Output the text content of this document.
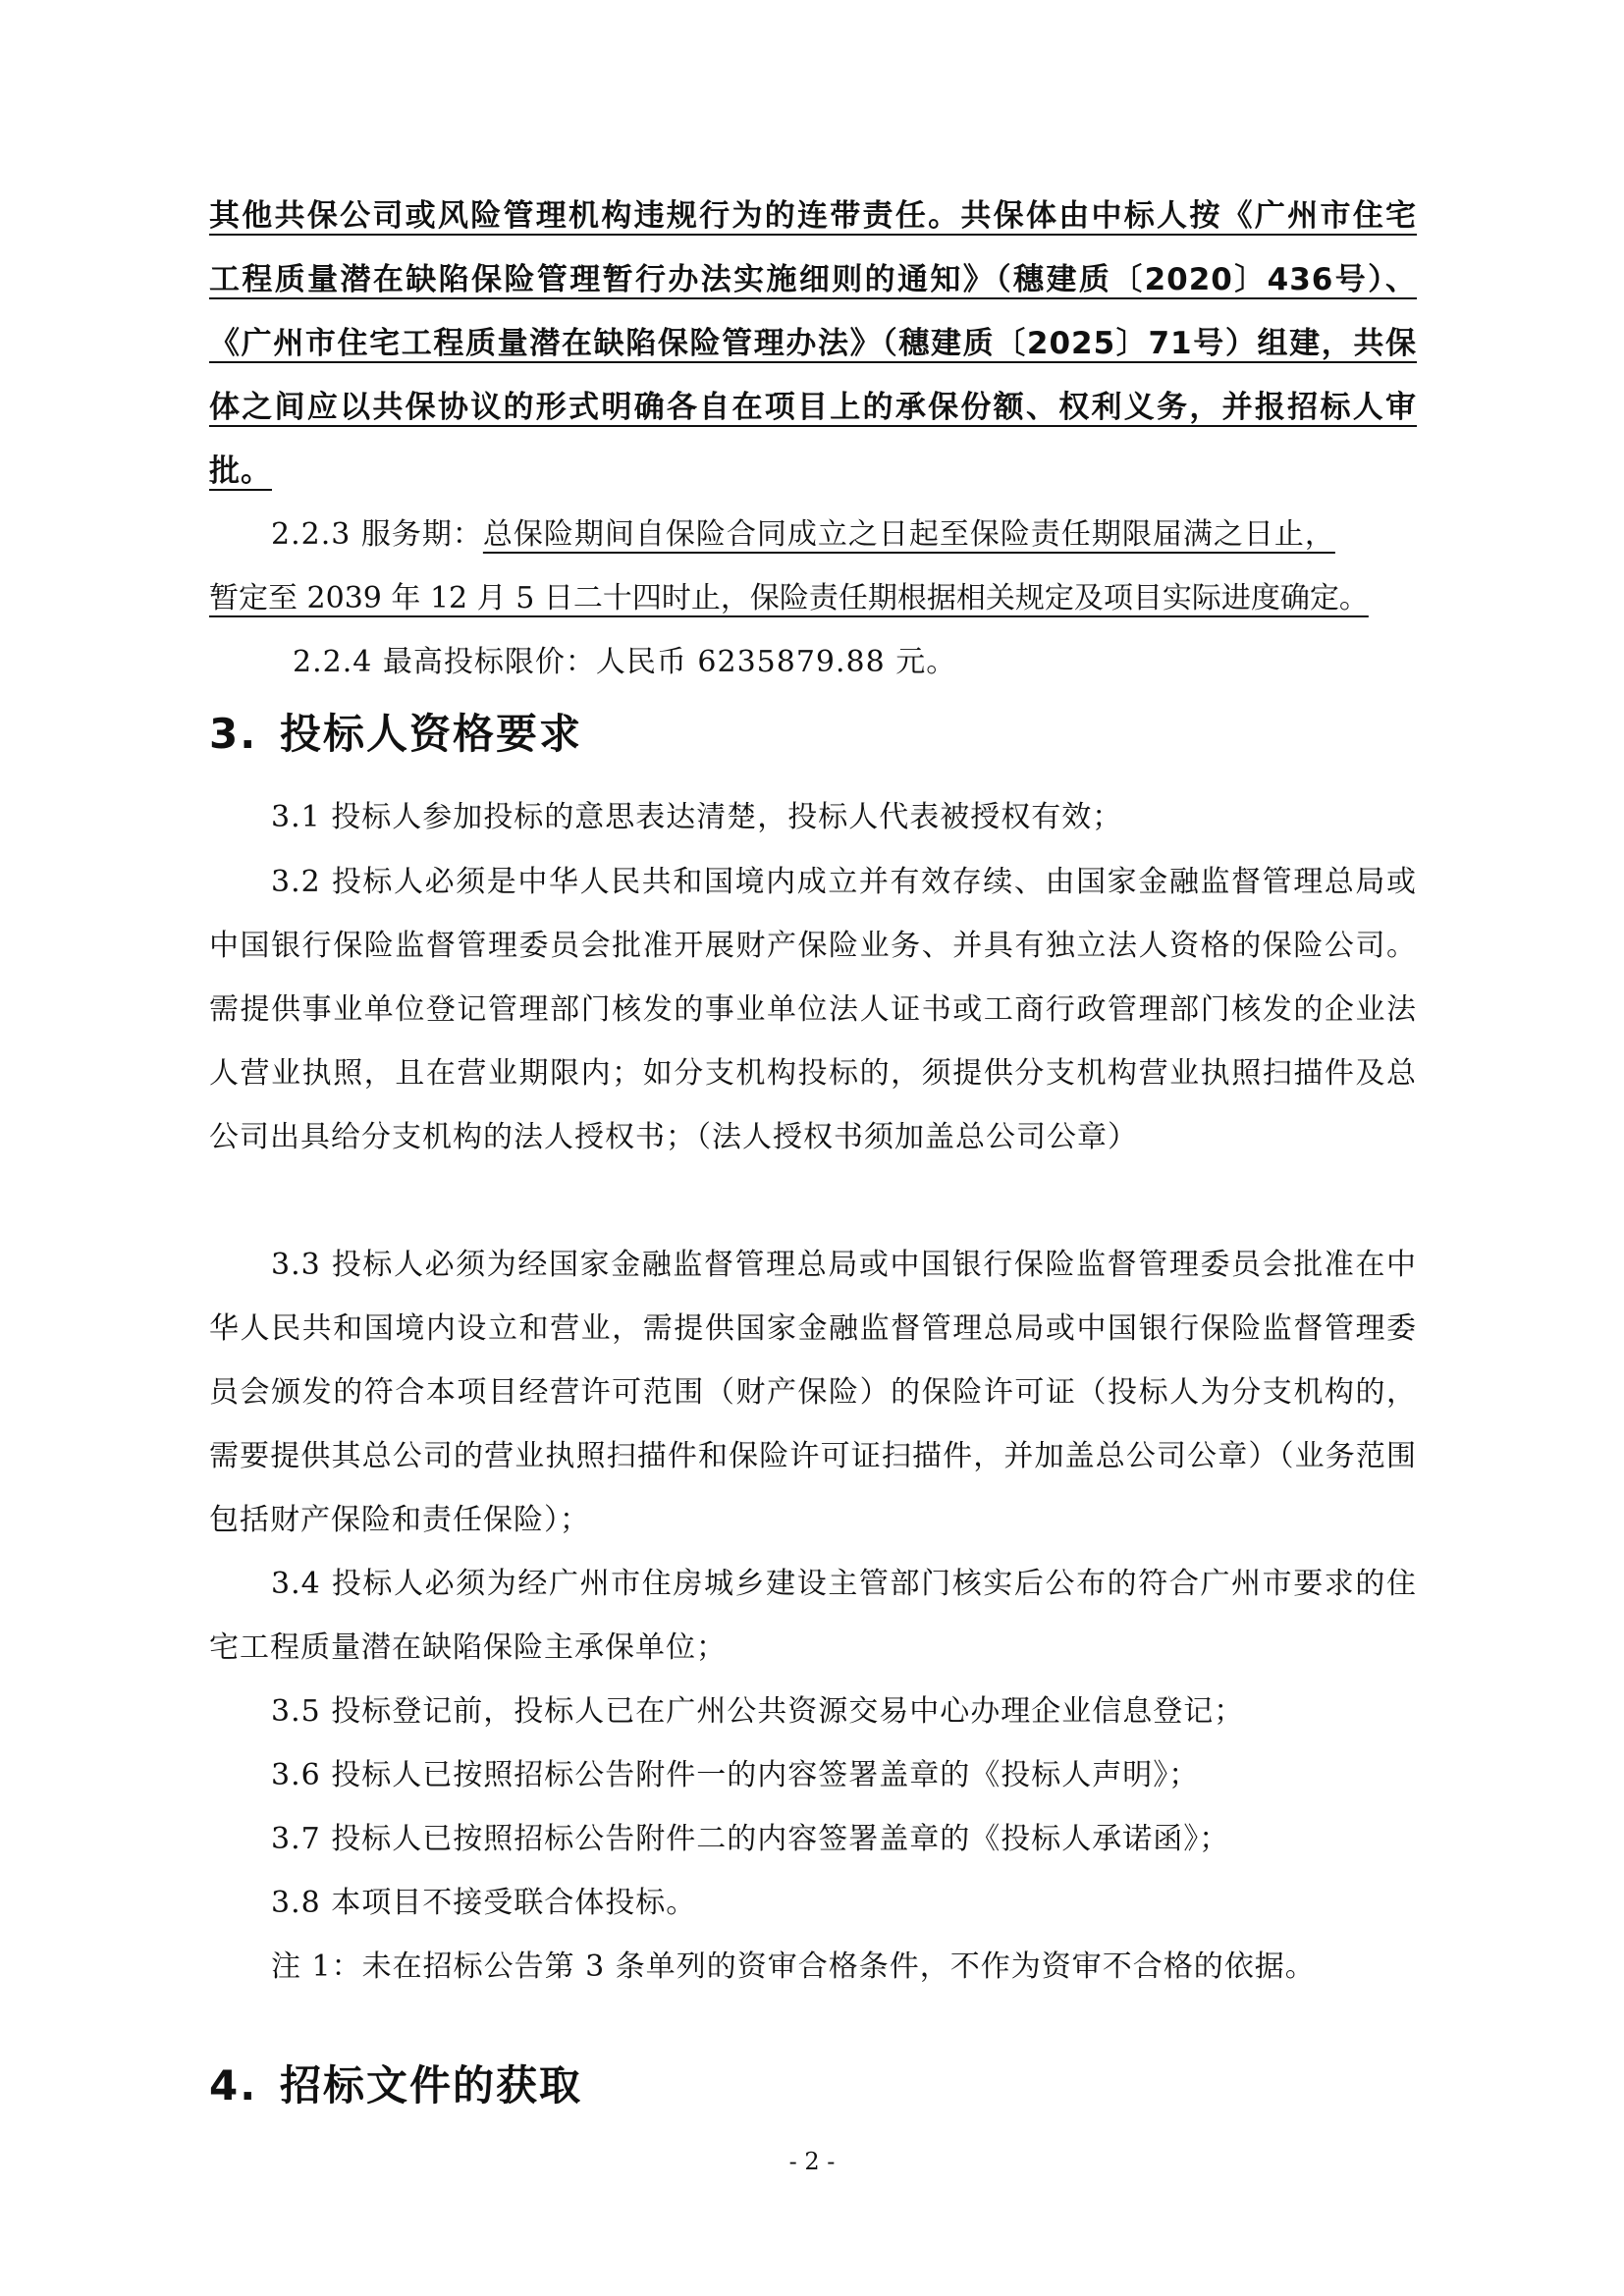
其他共保公司或风险管理机构违规行为的连带责任。共保体由中标人按《广州市住宅
工程质量潜在缺陷保险管理暂行办法实施细则的通知》（穗建质〔2020〕436号）、
《广州市住宅工程质量潜在缺陷保险管理办法》（穗建质〔2025〕71号）组建，共保
体之间应以共保协议的形式明确各自在项目上的承保份额、权利义务，并报招标人审
批。
2.2.3 服务期：总保险期间自保险合同成立之日起至保险责任期限届满之日止，
暂定至 2039 年 12 月 5 日二十四时止，保险责任期根据相关规定及项目实际进度确定。
2.2.4 最高投标限价：人民币 6235879.88 元。
3. 投标人资格要求
3.1 投标人参加投标的意思表达清楚，投标人代表被授权有效；
3.2 投标人必须是中华人民共和国境内成立并有效存续、由国家金融监督管理总局或中国银行保险监督管理委员会批准开展财产保险业务、并具有独立法人资格的保险公司。需提供事业单位登记管理部门核发的事业单位法人证书或工商行政管理部门核发的企业法人营业执照，且在营业期限内；如分支机构投标的，须提供分支机构营业执照扫描件及总公司出具给分支机构的法人授权书；（法人授权书须加盖总公司公章）
3.3 投标人必须为经国家金融监督管理总局或中国银行保险监督管理委员会批准在中华人民共和国境内设立和营业，需提供国家金融监督管理总局或中国银行保险监督管理委员会颁发的符合本项目经营许可范围（财产保险）的保险许可证（投标人为分支机构的，需要提供其总公司的营业执照扫描件和保险许可证扫描件，并加盖总公司公章）（业务范围包括财产保险和责任保险）；
3.4 投标人必须为经广州市住房城乡建设主管部门核实后公布的符合广州市要求的住宅工程质量潜在缺陷保险主承保单位；
3.5 投标登记前，投标人已在广州公共资源交易中心办理企业信息登记；
3.6 投标人已按照招标公告附件一的内容签署盖章的《投标人声明》；
3.7 投标人已按照招标公告附件二的内容签署盖章的《投标人承诺函》；
3.8 本项目不接受联合体投标。
注 1：未在招标公告第 3 条单列的资审合格条件，不作为资审不合格的依据。
4. 招标文件的获取
- 2 -
